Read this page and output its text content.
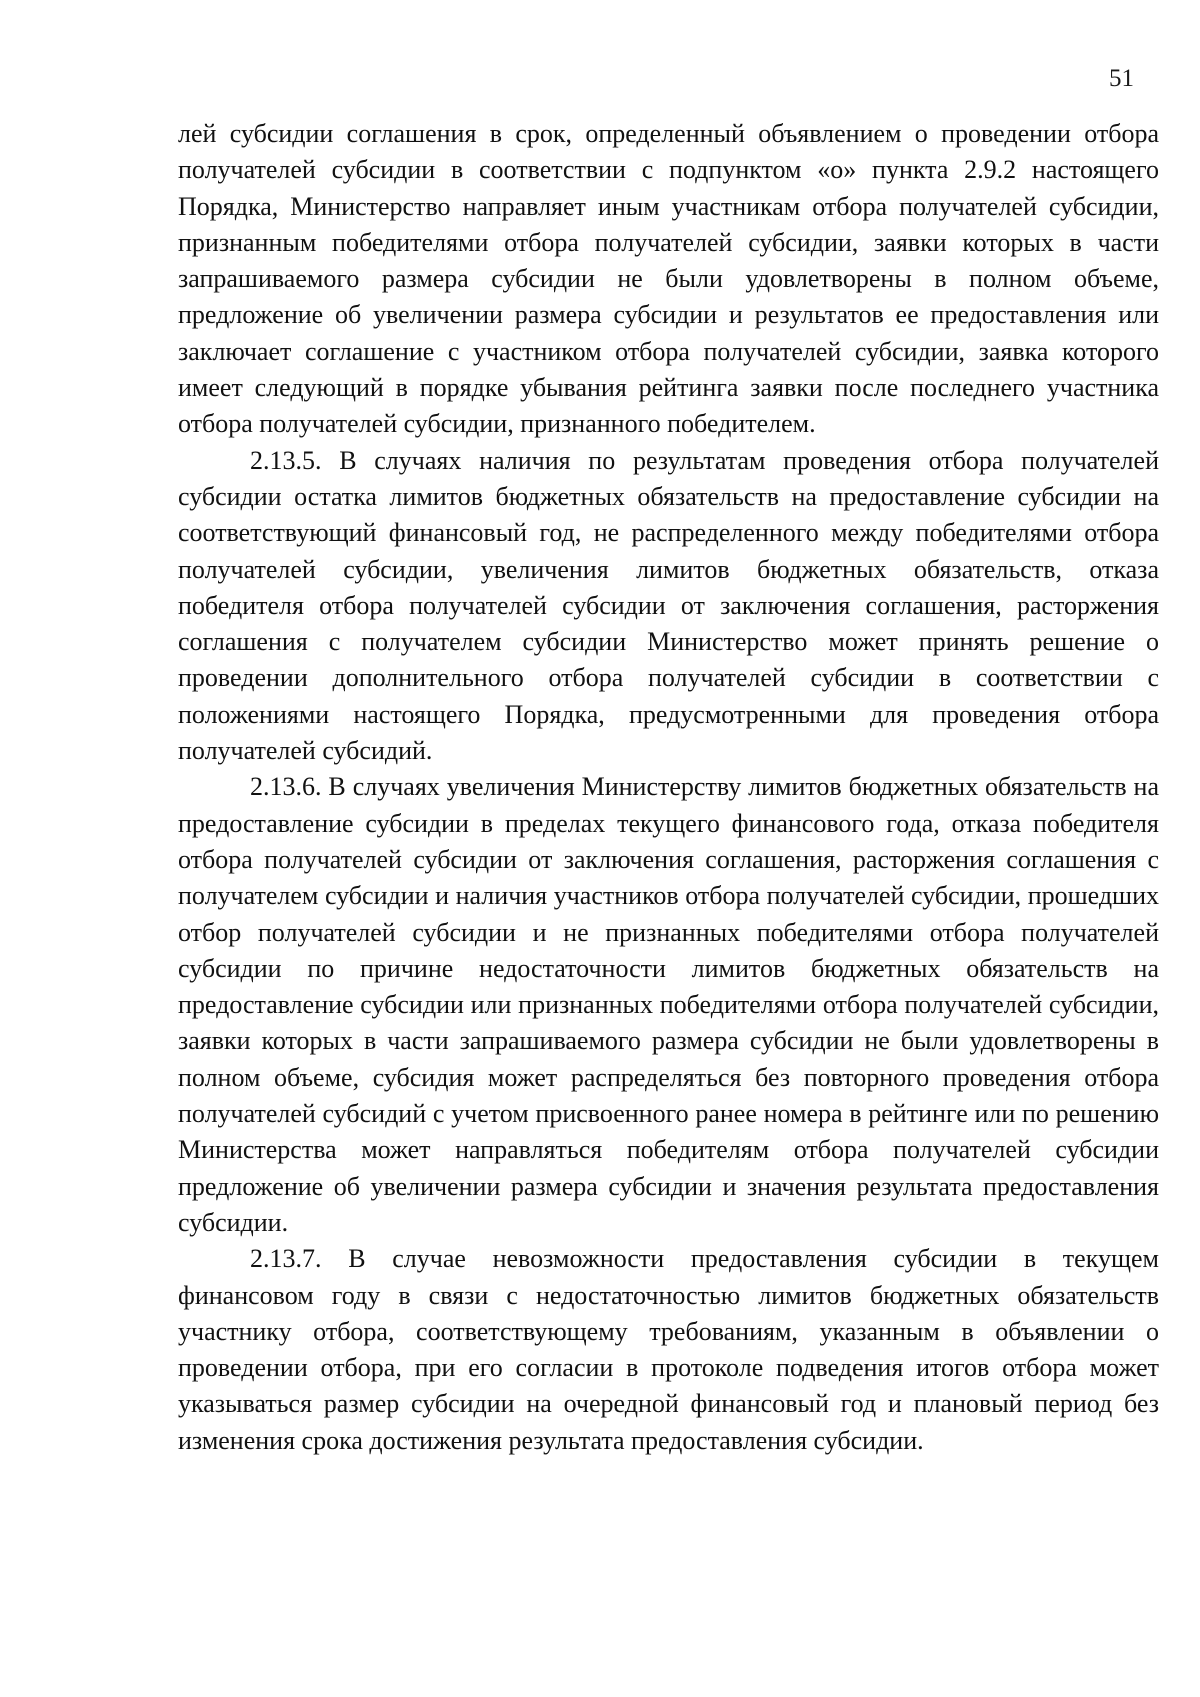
51

лей субсидии соглашения в срок, определенный объявлением о проведении отбора получателей субсидии в соответствии с подпунктом «о» пункта 2.9.2 настоящего Порядка, Министерство направляет иным участникам отбора получателей субсидии, признанным победителями отбора получателей субсидии, заявки которых в части запрашиваемого размера субсидии не были удовлетворены в полном объеме, предложение об увеличении размера субсидии и результатов ее предоставления или заключает соглашение с участником отбора получателей субсидии, заявка которого имеет следующий в порядке убывания рейтинга заявки после последнего участника отбора получателей субсидии, признанного победителем.

2.13.5. В случаях наличия по результатам проведения отбора получателей субсидии остатка лимитов бюджетных обязательств на предоставление субсидии на соответствующий финансовый год, не распределенного между победителями отбора получателей субсидии, увеличения лимитов бюджетных обязательств, отказа победителя отбора получателей субсидии от заключения соглашения, расторжения соглашения с получателем субсидии Министерство может принять решение о проведении дополнительного отбора получателей субсидии в соответствии с положениями настоящего Порядка, предусмотренными для проведения отбора получателей субсидий.

2.13.6. В случаях увеличения Министерству лимитов бюджетных обязательств на предоставление субсидии в пределах текущего финансового года, отказа победителя отбора получателей субсидии от заключения соглашения, расторжения соглашения с получателем субсидии и наличия участников отбора получателей субсидии, прошедших отбор получателей субсидии и не признанных победителями отбора получателей субсидии по причине недостаточности лимитов бюджетных обязательств на предоставление субсидии или признанных победителями отбора получателей субсидии, заявки которых в части запрашиваемого размера субсидии не были удовлетворены в полном объеме, субсидия может распределяться без повторного проведения отбора получателей субсидий с учетом присвоенного ранее номера в рейтинге или по решению Министерства может направляться победителям отбора получателей субсидии предложение об увеличении размера субсидии и значения результата предоставления субсидии.

2.13.7. В случае невозможности предоставления субсидии в текущем финансовом году в связи с недостаточностью лимитов бюджетных обязательств участнику отбора, соответствующему требованиям, указанным в объявлении о проведении отбора, при его согласии в протоколе подведения итогов отбора может указываться размер субсидии на очередной финансовый год и плановый период без изменения срока достижения результата предоставления субсидии.
